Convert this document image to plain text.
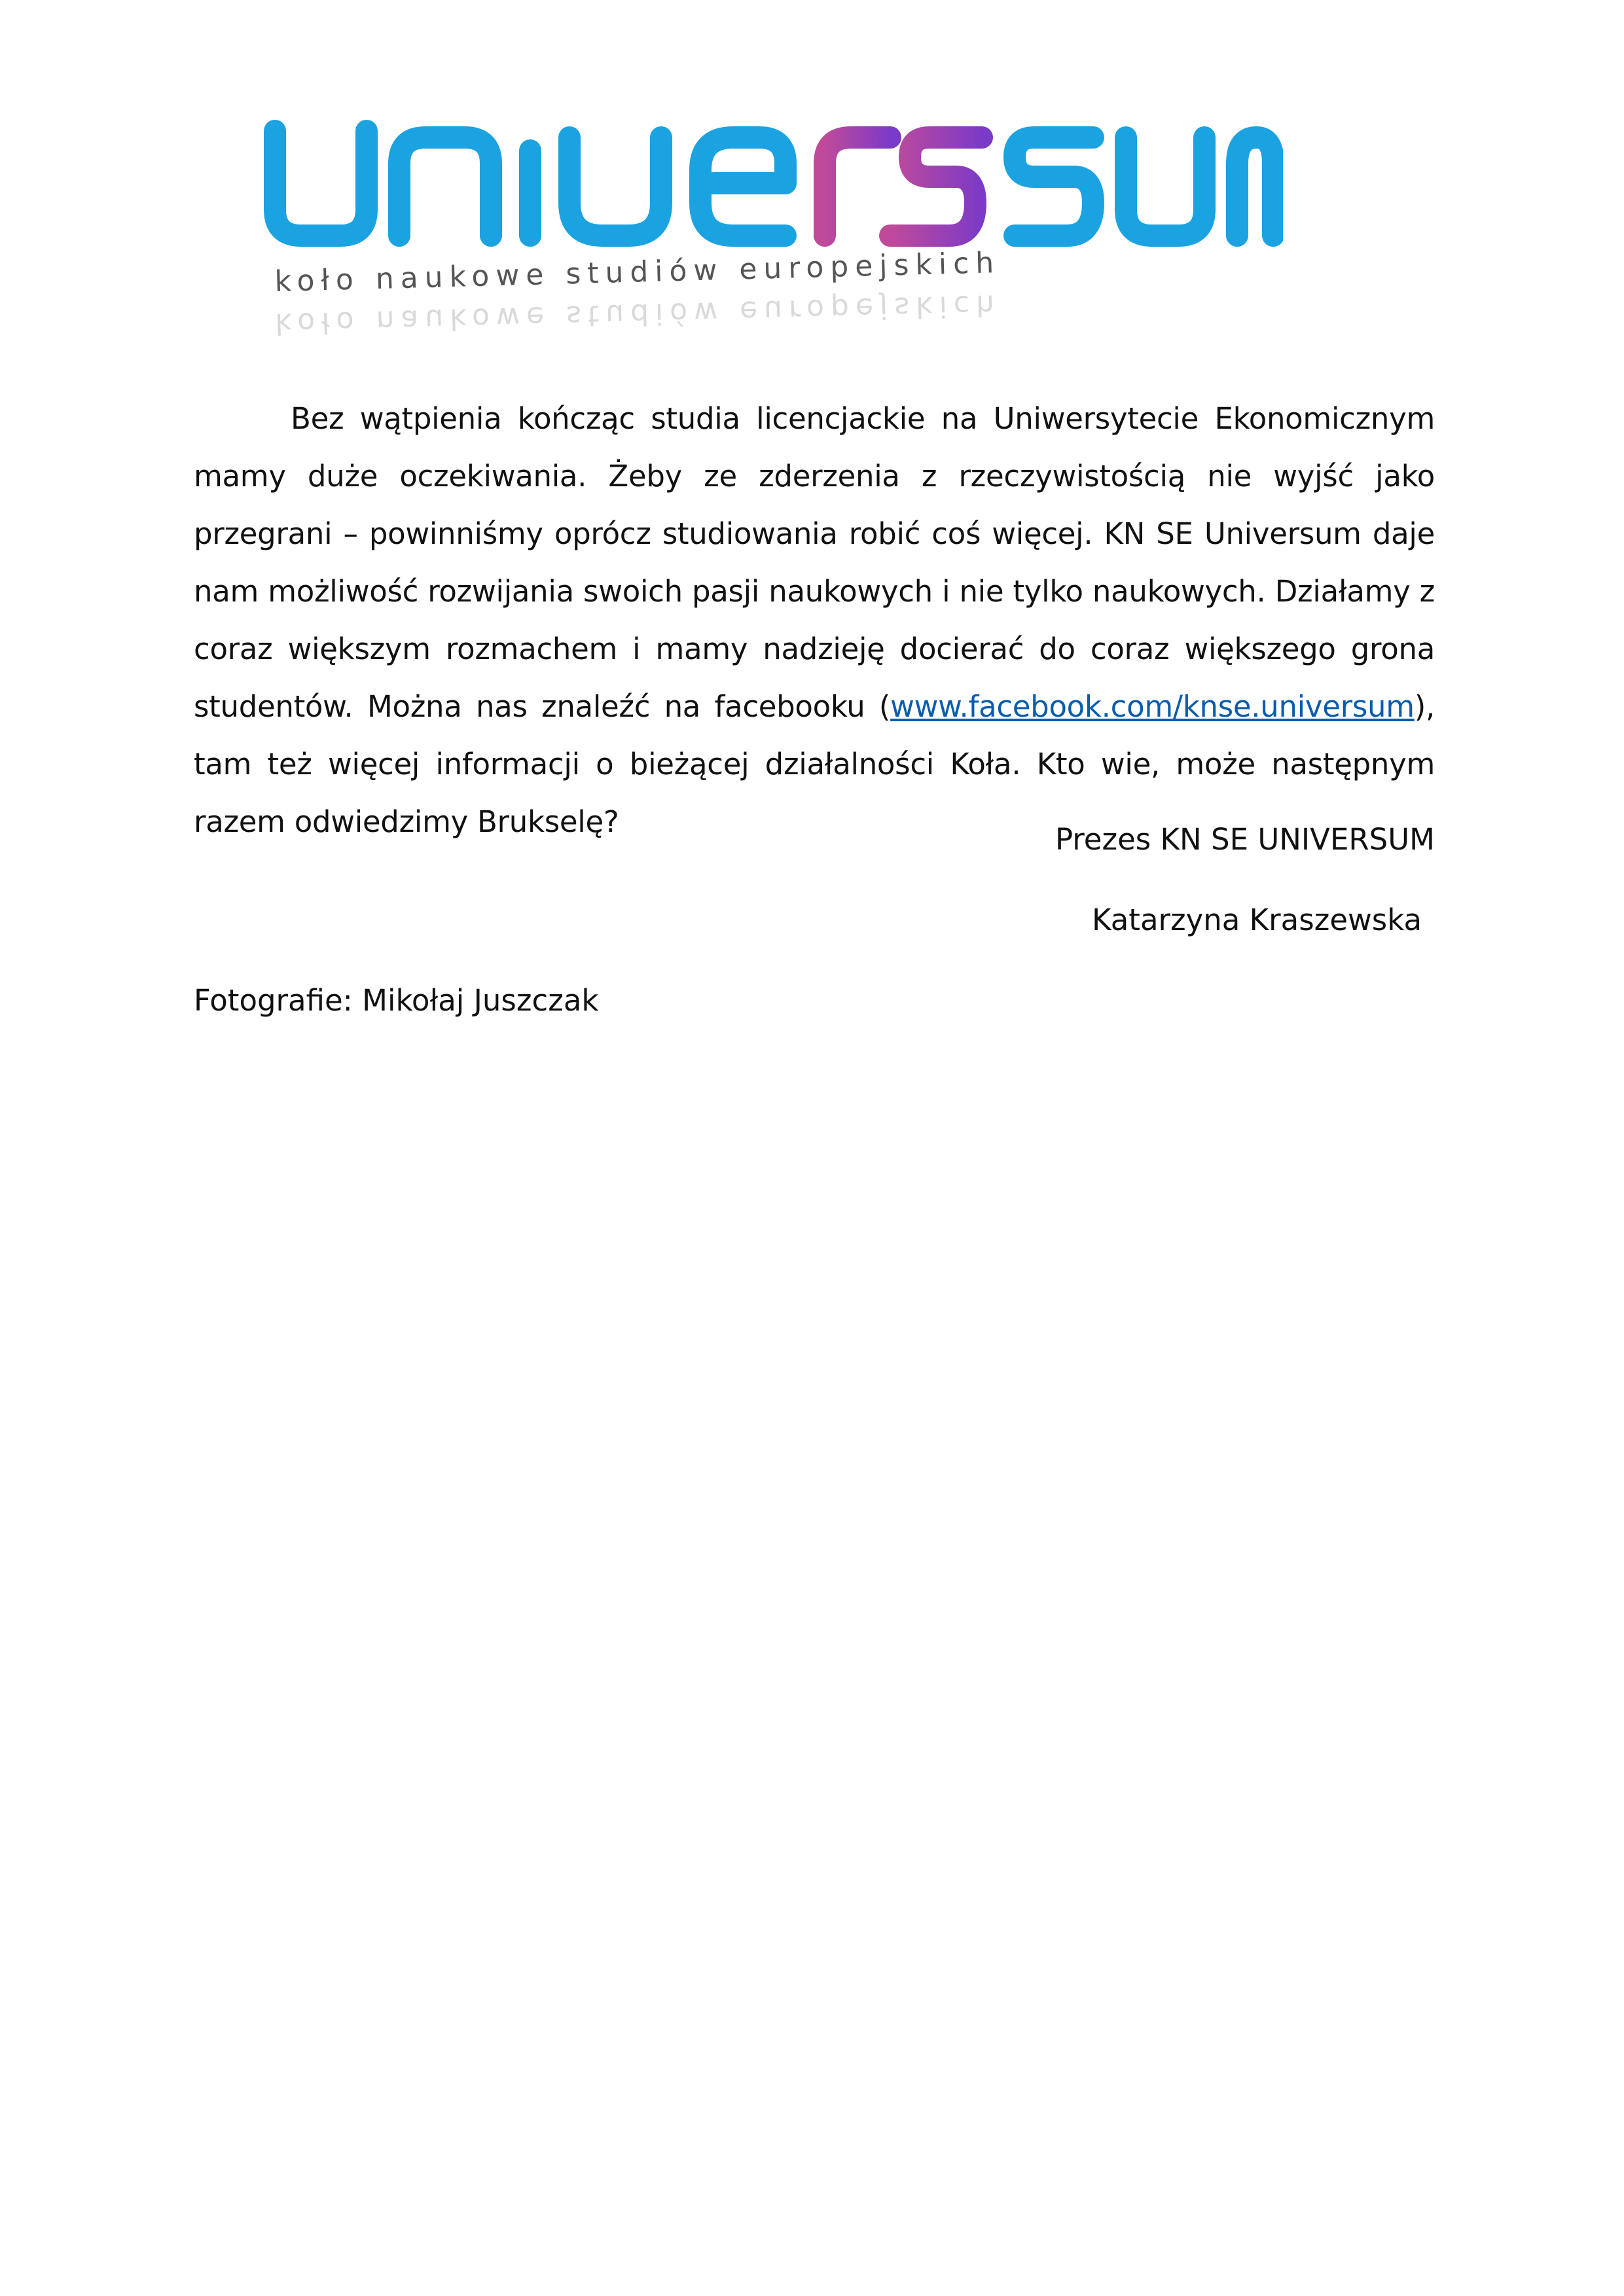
koło naukowe studiów europejskich
koło naukowe studiów europejskich

Bez wątpienia kończąc studia licencjackie na Uniwersytecie Ekonomicznym mamy duże oczekiwania. Żeby ze zderzenia z rzeczywistością nie wyjść jako przegrani – powinniśmy oprócz studiowania robić coś więcej. KN SE Universum daje nam możliwość rozwijania swoich pasji naukowych i nie tylko naukowych. Działamy z coraz większym rozmachem i mamy nadzieję docierać do coraz większego grona studentów. Można nas znaleźć na facebooku (www.facebook.com/knse.universum), tam też więcej informacji o bieżącej działalności Koła. Kto wie, może następnym razem odwiedzimy Brukselę?

Prezes KN SE UNIVERSUM

Katarzyna Kraszewska

Fotografie: Mikołaj Juszczak
